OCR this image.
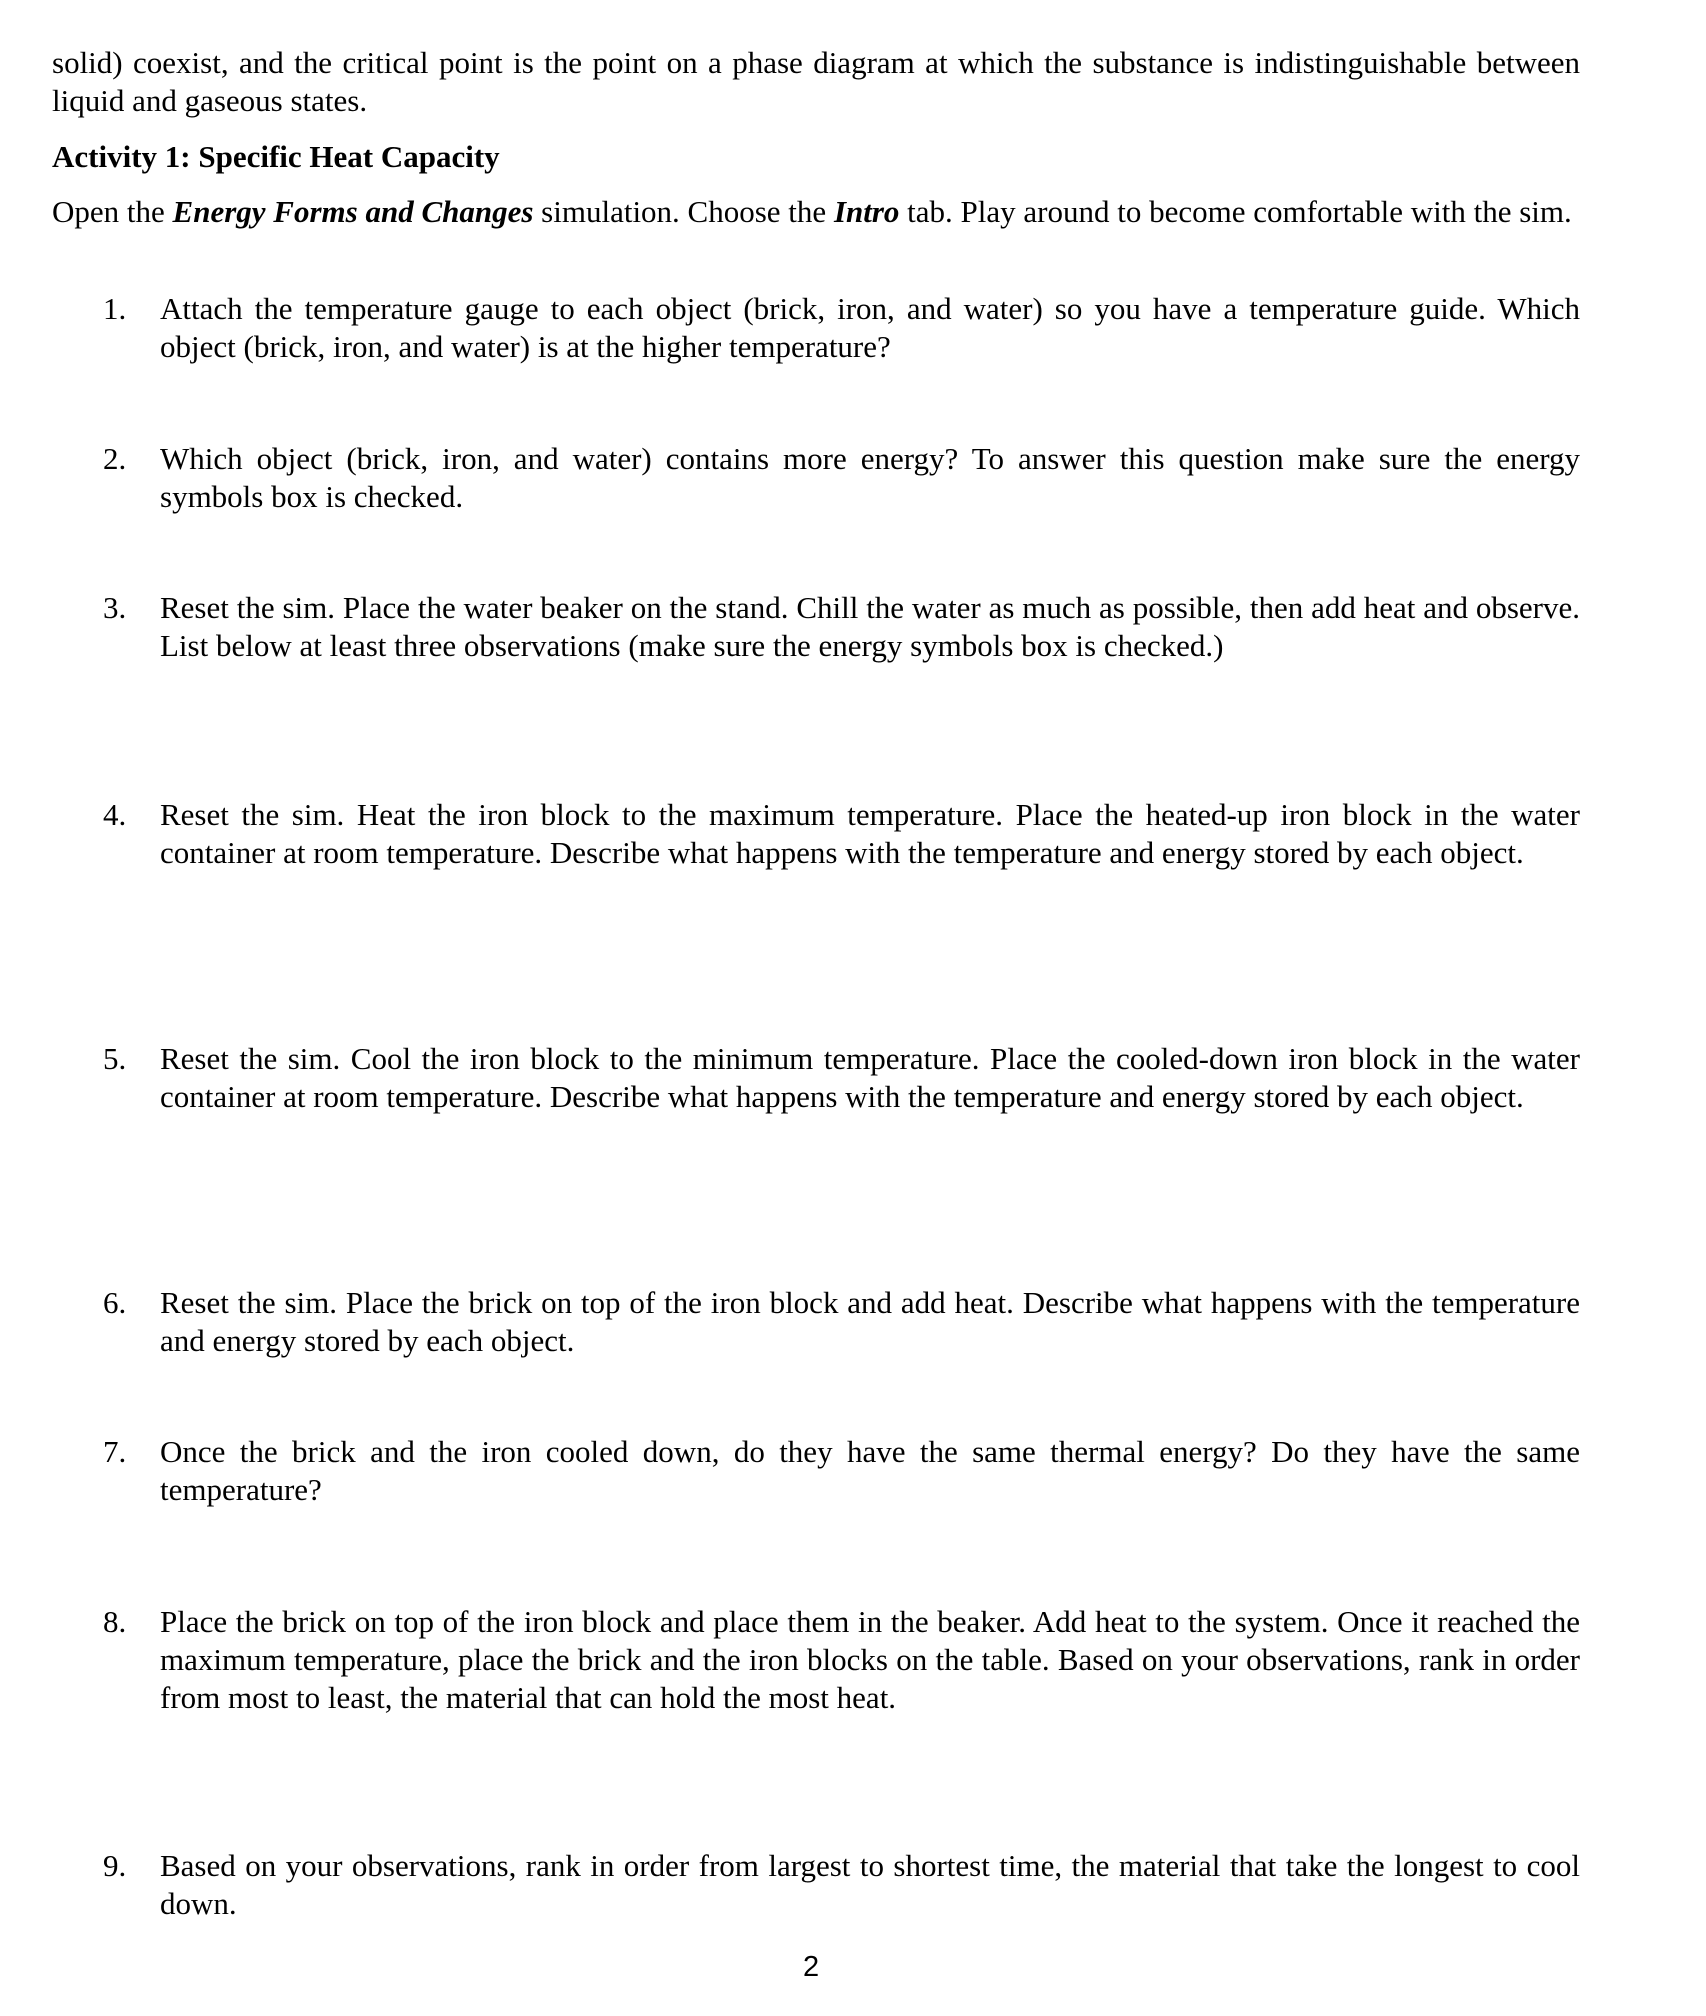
solid) coexist, and the critical point is the point on a phase diagram at which the substance is indistinguishable between liquid and gaseous states.

Activity 1: Specific Heat Capacity

Open the Energy Forms and Changes simulation. Choose the Intro tab. Play around to become comfortable with the sim.

1.	Attach the temperature gauge to each object (brick, iron, and water) so you have a temperature guide. Which object (brick, iron, and water) is at the higher temperature?
2.	Which object (brick, iron, and water) contains more energy? To answer this question make sure the energy symbols box is checked.
3.	Reset the sim. Place the water beaker on the stand. Chill the water as much as possible, then add heat and observe. List below at least three observations (make sure the energy symbols box is checked.)
4.	Reset the sim. Heat the iron block to the maximum temperature. Place the heated-up iron block in the water container at room temperature. Describe what happens with the temperature and energy stored by each object.
5.	Reset the sim. Cool the iron block to the minimum temperature. Place the cooled-down iron block in the water container at room temperature. Describe what happens with the temperature and energy stored by each object.
6.	Reset the sim. Place the brick on top of the iron block and add heat. Describe what happens with the temperature and energy stored by each object.
7.	Once the brick and the iron cooled down, do they have the same thermal energy? Do they have the same temperature?
8.	Place the brick on top of the iron block and place them in the beaker. Add heat to the system. Once it reached the maximum temperature, place the brick and the iron blocks on the table. Based on your observations, rank in order from most to least, the material that can hold the most heat.
9.	Based on your observations, rank in order from largest to shortest time, the material that take the longest to cool down.
2
